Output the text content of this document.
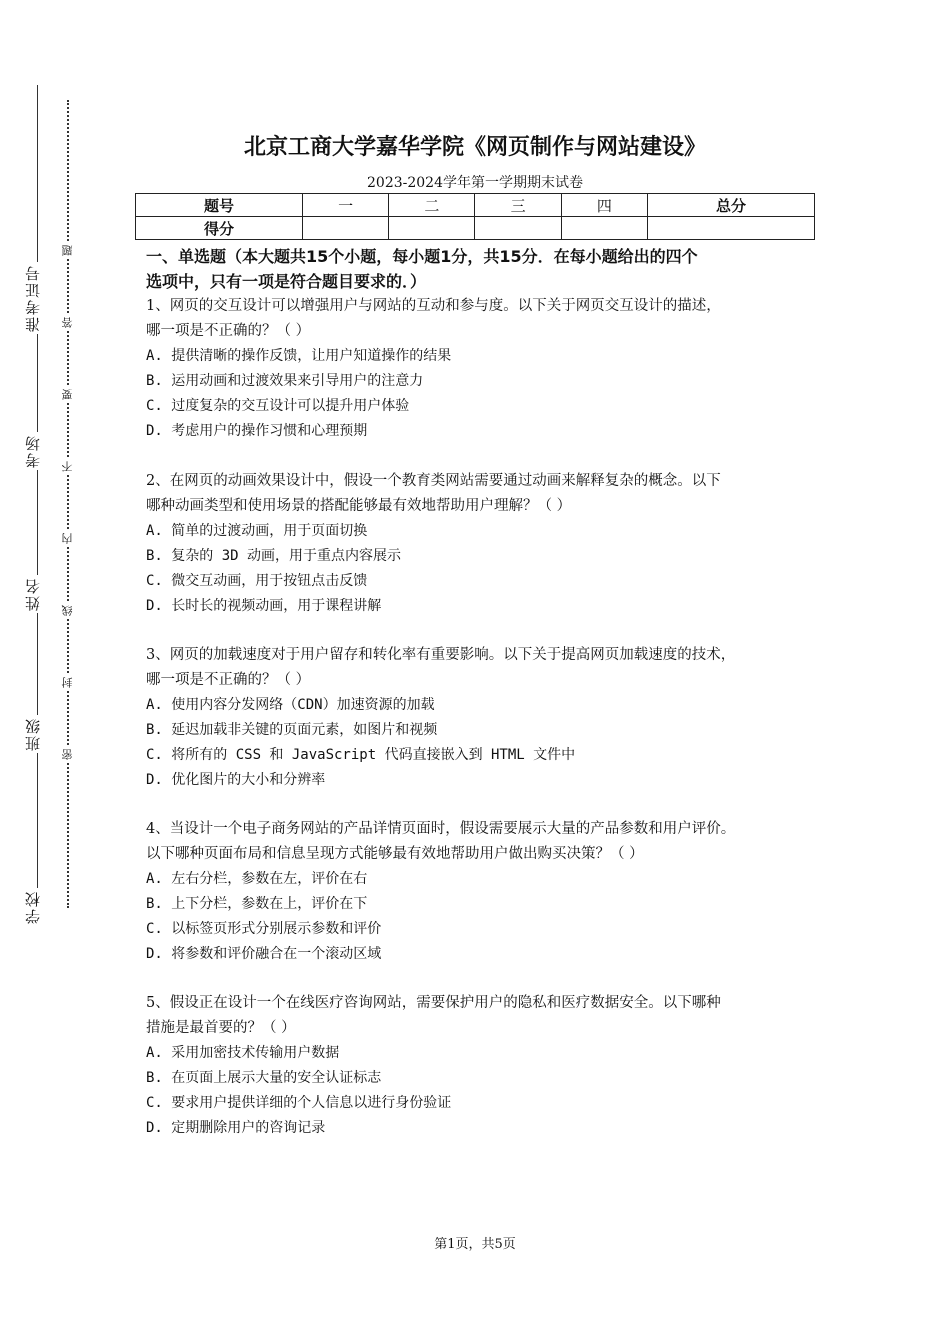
准考证号
考场
姓名
班级
学校
题
答
要
不
内
线
封
密
北京工商大学嘉华学院《网页制作与网站建设》
2023-2024学年第一学期期末试卷
题号	一	二	三	四	总分
得分					
一、单选题（本大题共15个小题，每小题1分，共15分．在每小题给出的四个
选项中，只有一项是符合题目要求的．）

1、网页的交互设计可以增强用户与网站的互动和参与度。以下关于网页交互设计的描述，

哪一项是不正确的？（ ）

A. 提供清晰的操作反馈，让用户知道操作的结果

B. 运用动画和过渡效果来引导用户的注意力

C. 过度复杂的交互设计可以提升用户体验

D. 考虑用户的操作习惯和心理预期

2、在网页的动画效果设计中，假设一个教育类网站需要通过动画来解释复杂的概念。以下

哪种动画类型和使用场景的搭配能够最有效地帮助用户理解？（ ）

A. 简单的过渡动画，用于页面切换

B. 复杂的 3D 动画，用于重点内容展示

C. 微交互动画，用于按钮点击反馈

D. 长时长的视频动画，用于课程讲解

3、网页的加载速度对于用户留存和转化率有重要影响。以下关于提高网页加载速度的技术，

哪一项是不正确的？（ ）

A. 使用内容分发网络（CDN）加速资源的加载

B. 延迟加载非关键的页面元素，如图片和视频

C. 将所有的 CSS 和 JavaScript 代码直接嵌入到 HTML 文件中

D. 优化图片的大小和分辨率

4、当设计一个电子商务网站的产品详情页面时，假设需要展示大量的产品参数和用户评价。

以下哪种页面布局和信息呈现方式能够最有效地帮助用户做出购买决策？（ ）

A. 左右分栏，参数在左，评价在右

B. 上下分栏，参数在上，评价在下

C. 以标签页形式分别展示参数和评价

D. 将参数和评价融合在一个滚动区域

5、假设正在设计一个在线医疗咨询网站，需要保护用户的隐私和医疗数据安全。以下哪种

措施是最首要的？（ ）

A. 采用加密技术传输用户数据

B. 在页面上展示大量的安全认证标志

C. 要求用户提供详细的个人信息以进行身份验证

D. 定期删除用户的咨询记录

第1页，共5页
